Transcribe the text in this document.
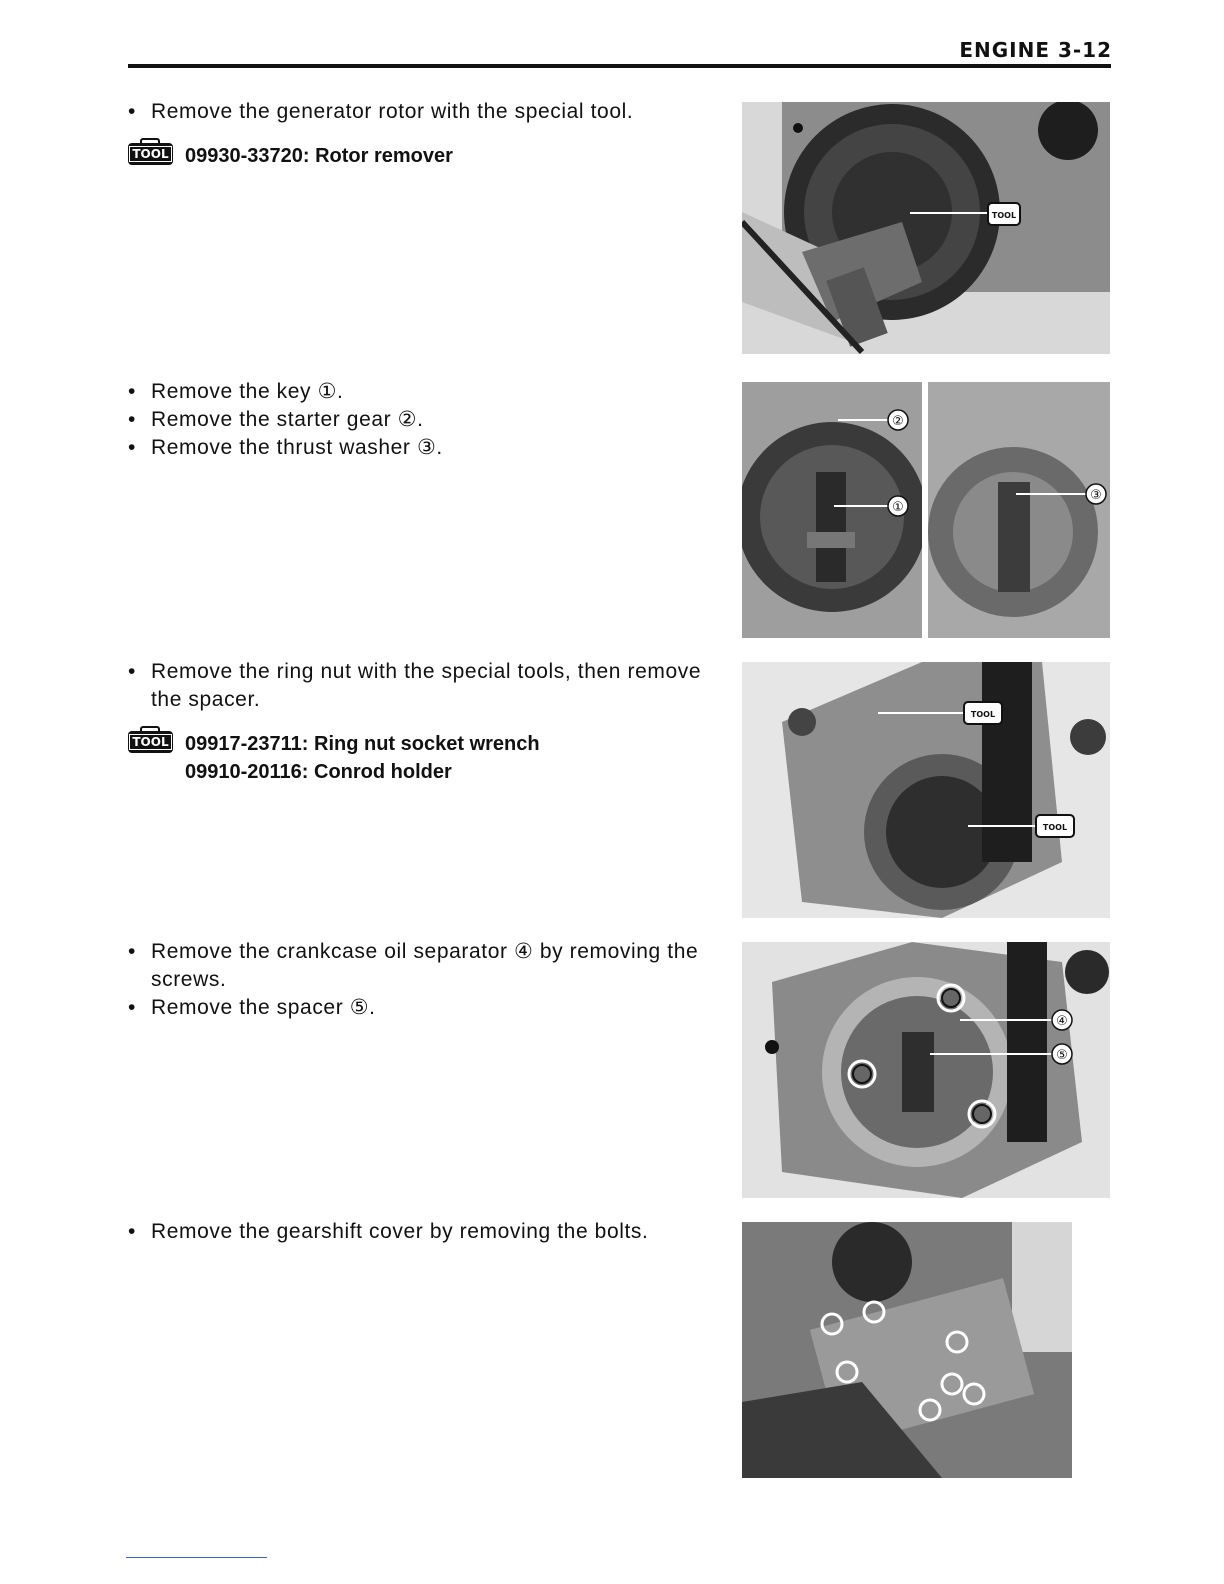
ENGINE 3-12
• Remove the generator rotor with the special tool.
TOOL 09930-33720: Rotor remover
• Remove the key ①.
• Remove the starter gear ②.
• Remove the thrust washer ③.
• Remove the ring nut with the special tools, then remove the spacer.
TOOL 09917-23711: Ring nut socket wrench
09910-20116: Conrod holder
• Remove the crankcase oil separator ④ by removing the screws.
• Remove the spacer ⑤.
• Remove the gearshift cover by removing the bolts.
TOOL
①
②
③
TOOL
TOOL
④
⑤
